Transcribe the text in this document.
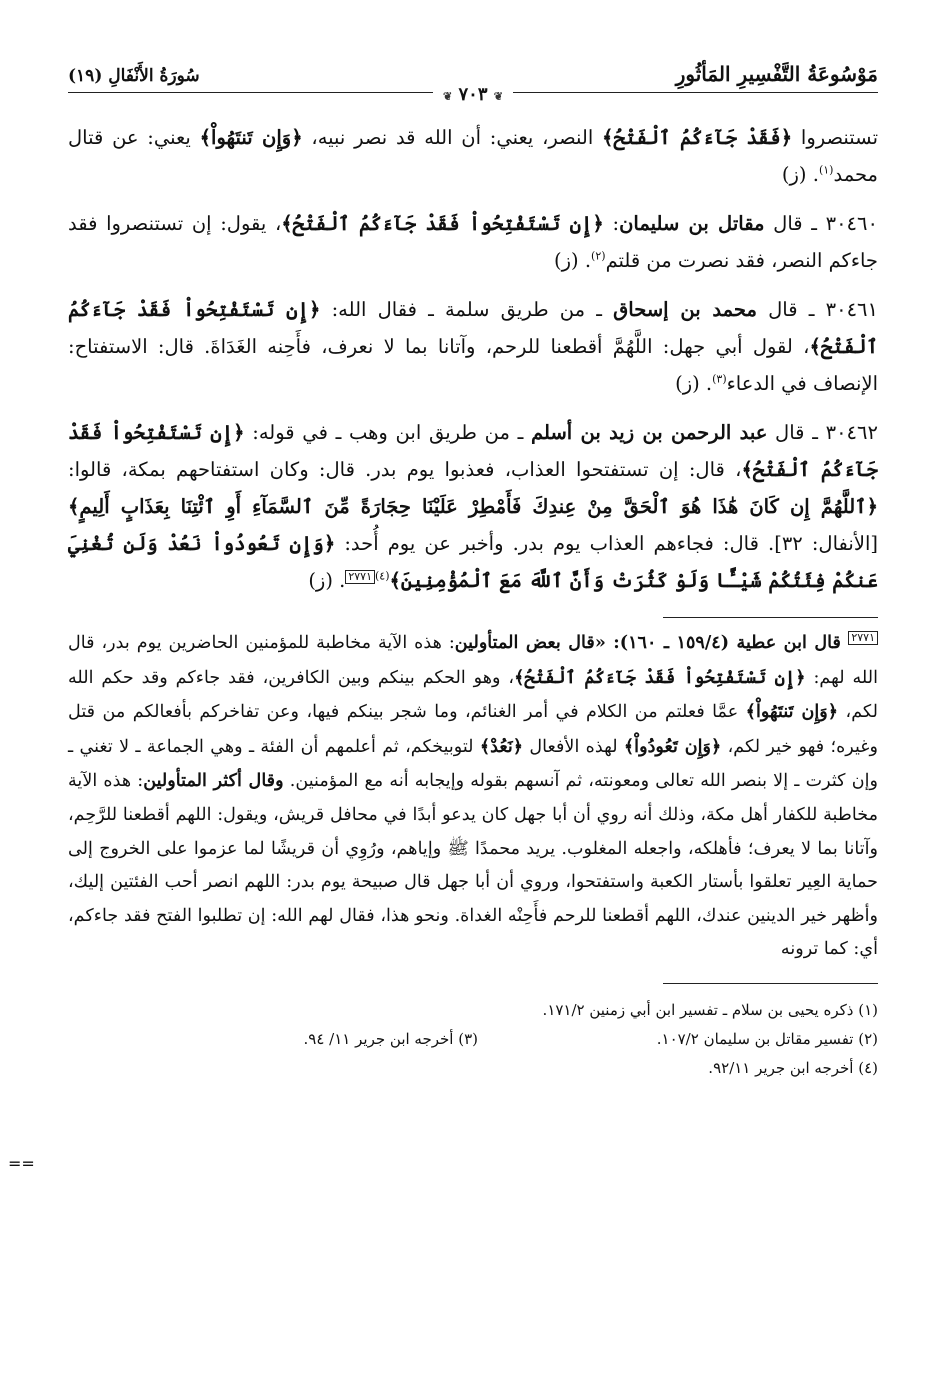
مَوْسُوعَةُ التَّفْسِيرِ المَأثُورِ
سُورَةُ الأَنْفَالِ (١٩)
❦ ٧٠٣ ❦

تستنصروا ﴿فَقَدْ جَآءَكُمُ ٱلْفَتْحُ﴾ النصر، يعني: أن الله قد نصر نبيه، ﴿وَإِن تَنتَهُواْ﴾ يعني: عن قتال محمد$^{(١)}$. (ز)

٣٠٤٦٠ ـ قال مقاتل بن سليمان: ﴿إِن تَسْتَفْتِحُواْ فَقَدْ جَآءَكُمُ ٱلْفَتْحُ﴾، يقول: إن تستنصروا فقد جاءكم النصر، فقد نصرت من قلتم$^{(٢)}$. (ز)

٣٠٤٦١ ـ قال محمد بن إسحاق ـ من طريق سلمة ـ فقال الله: ﴿إِن تَسْتَفْتِحُواْ فَقَدْ جَآءَكُمُ ٱلْفَتْحُ﴾، لقول أبي جهل: اللَّهُمَّ أقطعنا للرحم، وآتانا بما لا نعرف، فأَحِنه الغَدَاةَ. قال: الاستفتاح: الإنصاف في الدعاء$^{(٣)}$. (ز)

٣٠٤٦٢ ـ قال عبد الرحمن بن زيد بن أسلم ـ من طريق ابن وهب ـ في قوله: ﴿إِن تَسْتَفْتِحُواْ فَقَدْ جَآءَكُمُ ٱلْفَتْحُ﴾، قال: إن تستفتحوا العذاب، فعذبوا يوم بدر. قال: وكان استفتاحهم بمكة، قالوا: ﴿ٱللَّهُمَّ إِن كَانَ هَٰذَا هُوَ ٱلْحَقَّ مِنْ عِندِكَ فَأَمْطِرْ عَلَيْنَا حِجَارَةً مِّنَ ٱلسَّمَآءِ أَوِ ٱئْتِنَا بِعَذَابٍ أَلِيمٍ﴾ [الأنفال: ٣٢]. قال: فجاءهم العذاب يوم بدر. وأخبر عن يوم أُحد: ﴿وَإِن تَعُودُواْ نَعُدْ وَلَن تُغْنِيَ عَنكُمْ فِئَتُكُمْ شَيْـًٔا وَلَوْ كَثُرَتْ وَأَنَّ ٱللَّهَ مَعَ ٱلْمُؤْمِنِينَ﴾$^{(٤)}$٢٧٧١. (ز)

٢٧٧١ قال ابن عطية (١٥٩/٤ ـ ١٦٠): «قال بعض المتأولين: هذه الآية مخاطبة للمؤمنين الحاضرين يوم بدر، قال الله لهم: ﴿إِن تَسْتَفْتِحُواْ فَقَدْ جَآءَكُمُ ٱلْفَتْحُ﴾، وهو الحكم بينكم وبين الكافرين، فقد جاءكم وقد حكم الله لكم، ﴿وَإِن تَنتَهُواْ﴾ عمَّا فعلتم من الكلام في أمر الغنائم، وما شجر بينكم فيها، وعن تفاخركم بأفعالكم من قتل وغيره؛ فهو خير لكم، ﴿وَإِن تَعُودُواْ﴾ لهذه الأفعال ﴿نَعُدْ﴾ لتوبيخكم، ثم أعلمهم أن الفئة ـ وهي الجماعة ـ لا تغني ـ وإن كثرت ـ إلا بنصر الله تعالى ومعونته، ثم آنسهم بقوله وإيجابه أنه مع المؤمنين. وقال أكثر المتأولين: هذه الآية مخاطبة للكفار أهل مكة، وذلك أنه روي أن أبا جهل كان يدعو أبدًا في محافل قريش، ويقول: اللهم أقطعنا للرَّحِم، وآتانا بما لا يعرف؛ فأهلكه، واجعله المغلوب. يريد محمدًا ﷺ وإياهم، ورُوِي أن قريشًا لما عزموا على الخروج إلى حماية العِير تعلقوا بأستار الكعبة واستفتحوا، وروي أن أبا جهل قال صبيحة يوم بدر: اللهم انصر أحب الفئتين إليك، وأظهر خير الدينين عندك، اللهم أقطعنا للرحم فأَحِنْه الغداة. ونحو هذا، فقال لهم الله: إن تطلبوا الفتح فقد جاءكم، أي: كما ترونه
(١) ذكره يحيى بن سلام ـ تفسير ابن أبي زمنين ١٧١/٢.
(٢) تفسير مقاتل بن سليمان ١٠٧/٢.
(٣) أخرجه ابن جرير ١١/ ٩٤.
(٤) أخرجه ابن جرير ٩٢/١١.
==
